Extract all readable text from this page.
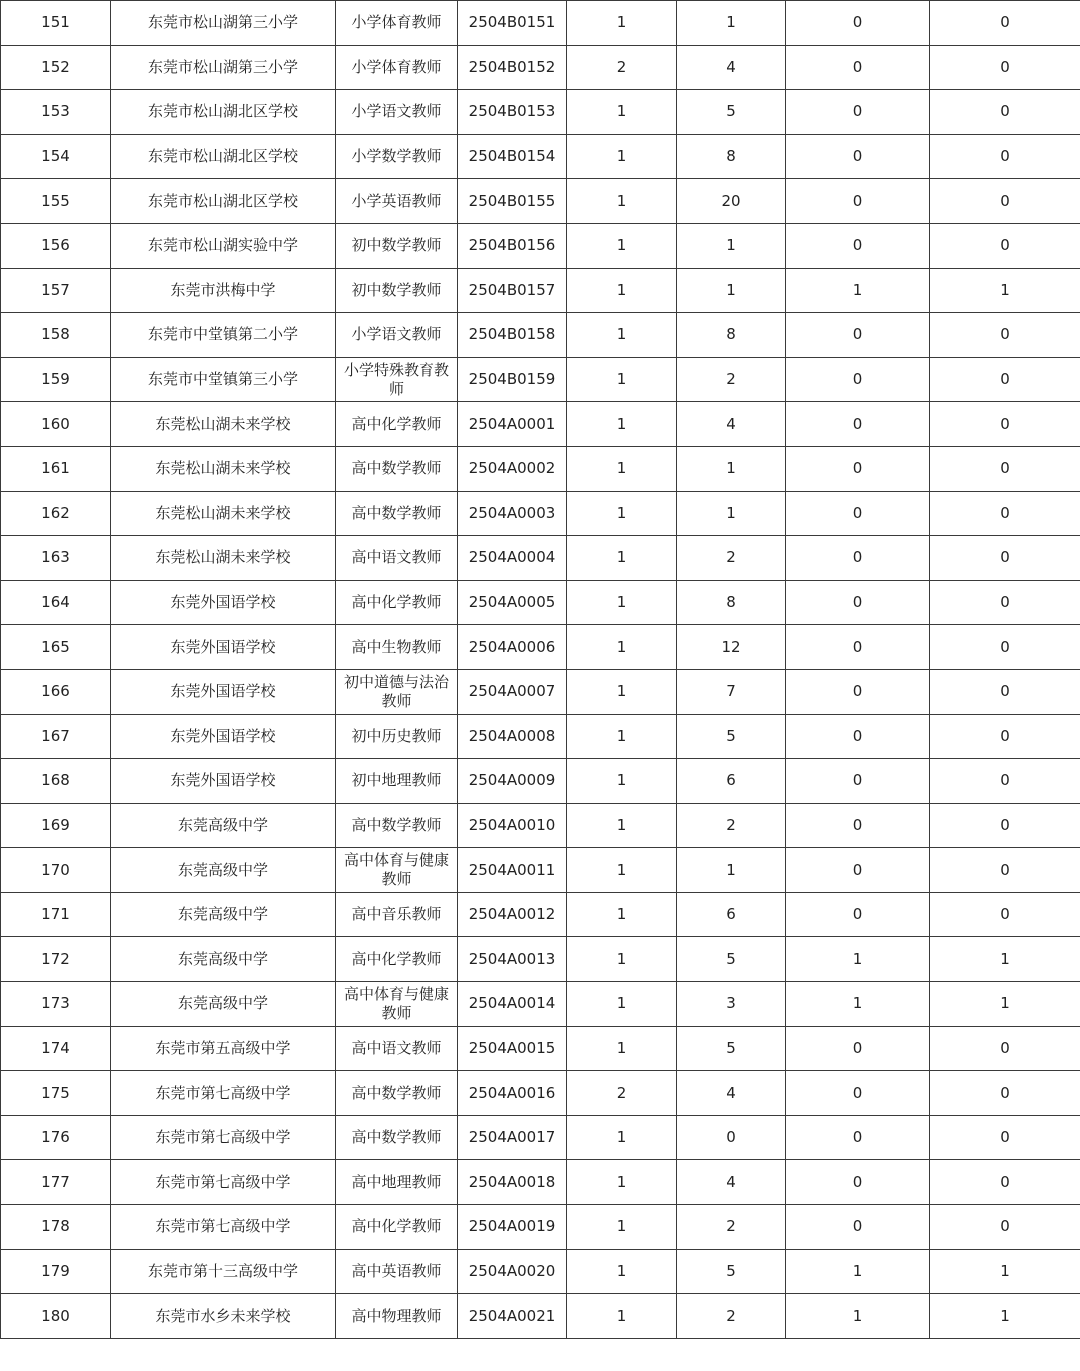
151	东莞市松山湖第三小学	小学体育教师	2504B0151	1	1	0	0
152	东莞市松山湖第三小学	小学体育教师	2504B0152	2	4	0	0
153	东莞市松山湖北区学校	小学语文教师	2504B0153	1	5	0	0
154	东莞市松山湖北区学校	小学数学教师	2504B0154	1	8	0	0
155	东莞市松山湖北区学校	小学英语教师	2504B0155	1	20	0	0
156	东莞市松山湖实验中学	初中数学教师	2504B0156	1	1	0	0
157	东莞市洪梅中学	初中数学教师	2504B0157	1	1	1	1
158	东莞市中堂镇第二小学	小学语文教师	2504B0158	1	8	0	0
159	东莞市中堂镇第三小学	小学特殊教育教师	2504B0159	1	2	0	0
160	东莞松山湖未来学校	高中化学教师	2504A0001	1	4	0	0
161	东莞松山湖未来学校	高中数学教师	2504A0002	1	1	0	0
162	东莞松山湖未来学校	高中数学教师	2504A0003	1	1	0	0
163	东莞松山湖未来学校	高中语文教师	2504A0004	1	2	0	0
164	东莞外国语学校	高中化学教师	2504A0005	1	8	0	0
165	东莞外国语学校	高中生物教师	2504A0006	1	12	0	0
166	东莞外国语学校	初中道德与法治教师	2504A0007	1	7	0	0
167	东莞外国语学校	初中历史教师	2504A0008	1	5	0	0
168	东莞外国语学校	初中地理教师	2504A0009	1	6	0	0
169	东莞高级中学	高中数学教师	2504A0010	1	2	0	0
170	东莞高级中学	高中体育与健康教师	2504A0011	1	1	0	0
171	东莞高级中学	高中音乐教师	2504A0012	1	6	0	0
172	东莞高级中学	高中化学教师	2504A0013	1	5	1	1
173	东莞高级中学	高中体育与健康教师	2504A0014	1	3	1	1
174	东莞市第五高级中学	高中语文教师	2504A0015	1	5	0	0
175	东莞市第七高级中学	高中数学教师	2504A0016	2	4	0	0
176	东莞市第七高级中学	高中数学教师	2504A0017	1	0	0	0
177	东莞市第七高级中学	高中地理教师	2504A0018	1	4	0	0
178	东莞市第七高级中学	高中化学教师	2504A0019	1	2	0	0
179	东莞市第十三高级中学	高中英语教师	2504A0020	1	5	1	1
180	东莞市水乡未来学校	高中物理教师	2504A0021	1	2	1	1
